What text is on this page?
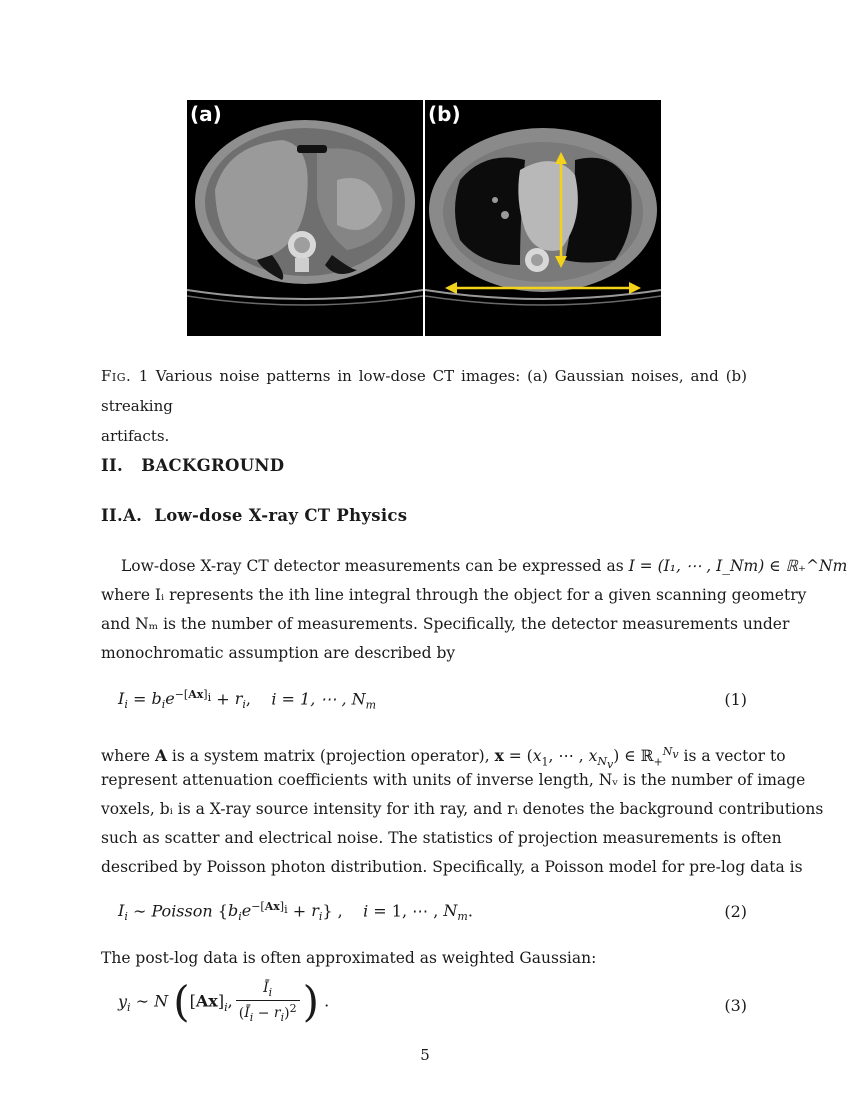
(a)	(b)
Fig. 1 Various noise patterns in low-dose CT images: (a) Gaussian noises, and (b) streaking
artifacts.
II.   BACKGROUND
II.A.  Low-dose X-ray CT Physics
Low-dose X-ray CT detector measurements can be expressed as I = (I₁, ⋯ , I_Nm) ∈ ℝ₊^Nm
where Iᵢ represents the ith line integral through the object for a given scanning geometry
and Nₘ is the number of measurements. Specifically, the detector measurements under
monochromatic assumption are described by
$I_i = b_ie^{-[Ax]_i} + r_i$,    i = 1, ⋯ , $N_m$	(1)
where A is a system matrix (projection operator), $x = (x_1$, ⋯ , $x_{N_v}$) ∈ ℝ$_+^{N_v}$ is a vector to
represent attenuation coefficients with units of inverse length, Nᵥ is the number of image
voxels, bᵢ is a X-ray source intensity for ith ray, and rᵢ denotes the background contributions
such as scatter and electrical noise. The statistics of projection measurements is often
described by Poisson photon distribution. Specifically, a Poisson model for pre-log data is
$I_i$ ∼ Poisson $\{b_ie^{-[Ax]_i} + r_i\}$ ,    i = 1, ⋯ , $N_m$.	(2)
The post-log data is often approximated as weighted Gaussian:
$y_i$ ∼ N ($[Ax]_i$, $\frac{Ī_i}{(Ī_i - r_i)^2}$ ) .	(3)
5
